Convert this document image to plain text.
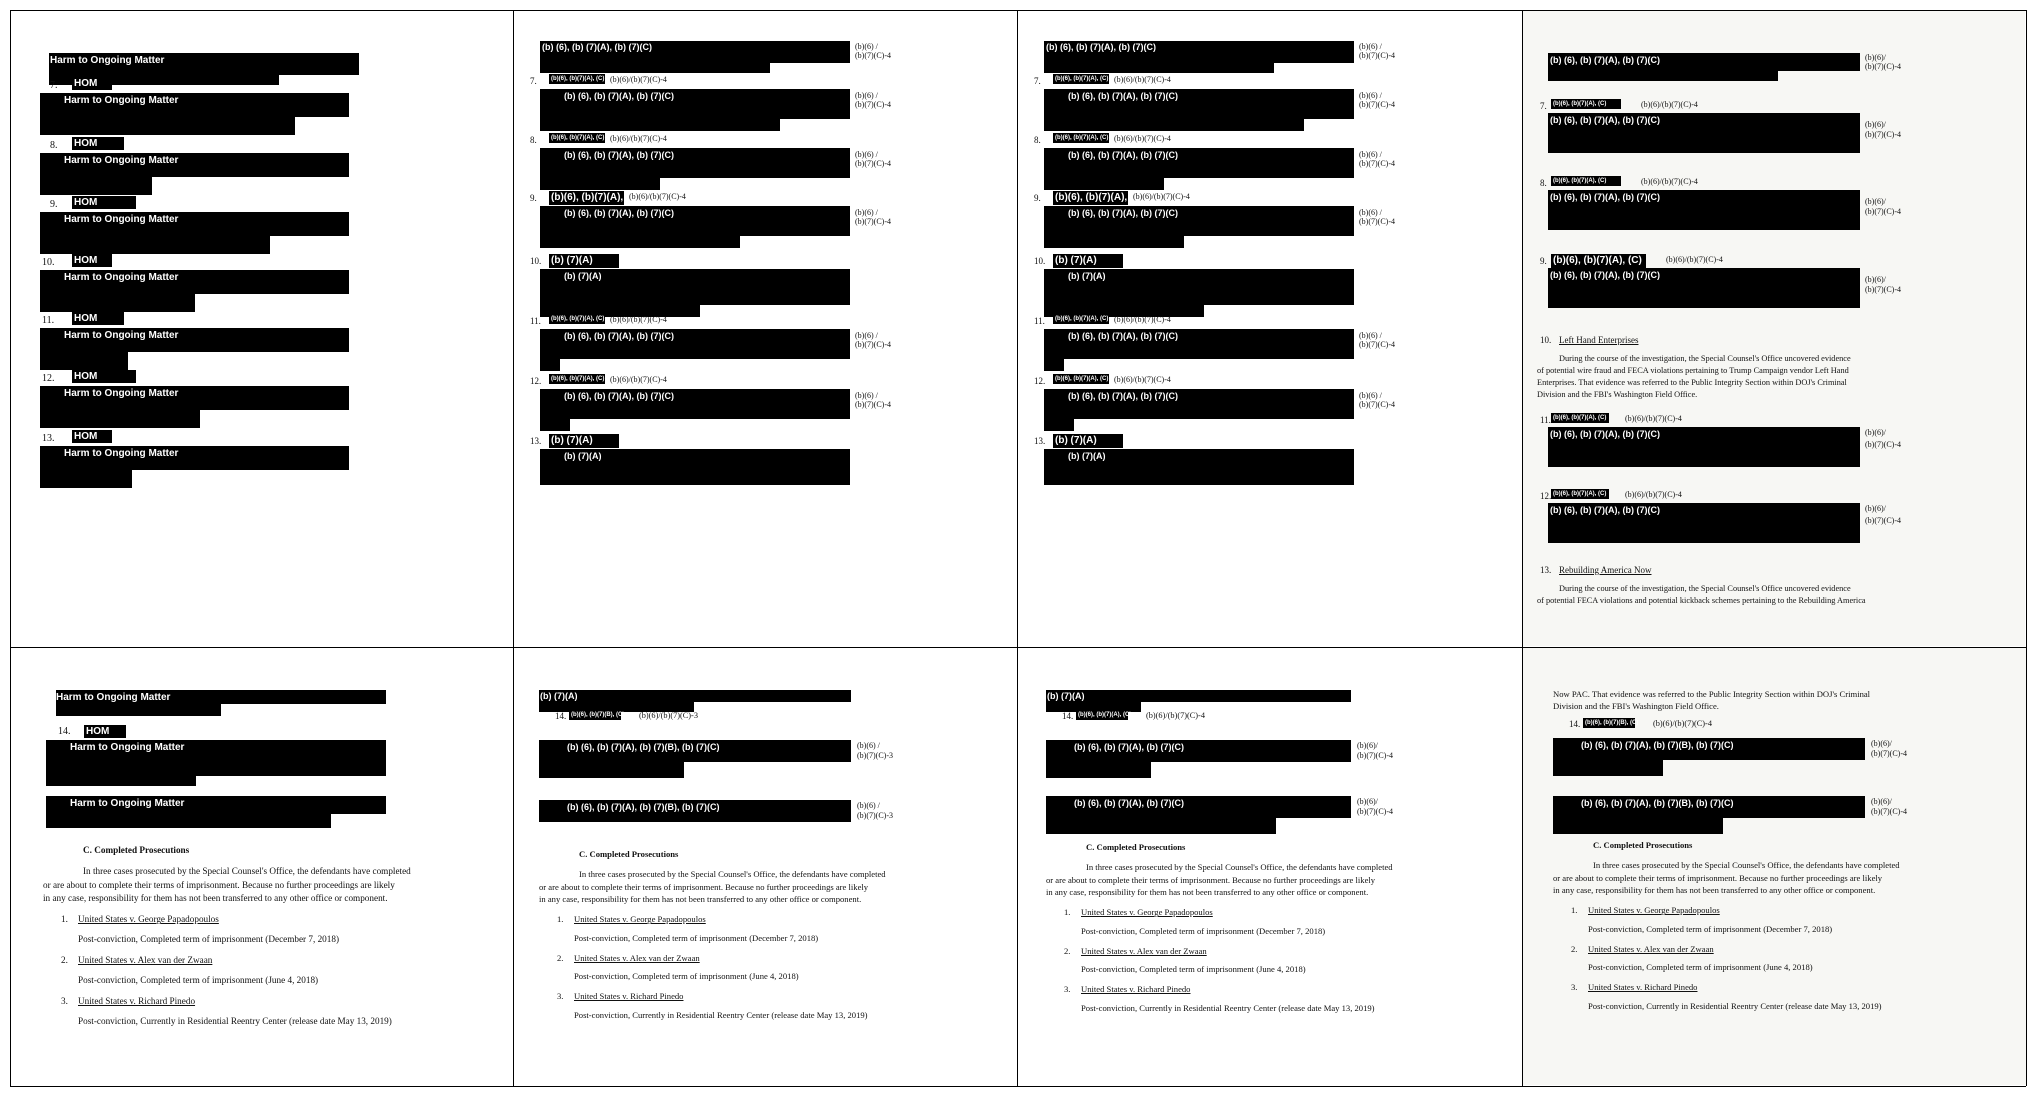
Harm to Ongoing Matter
7. HOM
Harm to Ongoing Matter
8. HOM
Harm to Ongoing Matter
9. HOM
Harm to Ongoing Matter
10. HOM
Harm to Ongoing Matter
11. HOM
Harm to Ongoing Matter
12. HOM
Harm to Ongoing Matter
13. HOM
Harm to Ongoing Matter
(b) (6), (b) (7)(A), (b) (7)(C)	(b)(6) /
(b)(7)(C)-4
7. (b)(6), (b)(7)(A), (C) (b)(6)/(b)(7)(C)-4
(b) (6), (b) (7)(A), (b) (7)(C)	(b)(6) /
(b)(7)(C)-4
8. (b)(6), (b)(7)(A), (C) (b)(6)/(b)(7)(C)-4
(b) (6), (b) (7)(A), (b) (7)(C)	(b)(6) /
(b)(7)(C)-4
9. (b)(6), (b)(7)(A), (C)
(b)(6)/(b)(7)(C)-4
(b) (6), (b) (7)(A), (b) (7)(C)	(b)(6) /
(b)(7)(C)-4
10. (b) (7)(A)
(b) (7)(A)
11. (b)(6), (b)(7)(A), (C) (b)(6)/(b)(7)(C)-4
(b) (6), (b) (7)(A), (b) (7)(C)	(b)(6) /
(b)(7)(C)-4
12. (b)(6), (b)(7)(A), (C) (b)(6)/(b)(7)(C)-4
(b) (6), (b) (7)(A), (b) (7)(C)	(b)(6) /
(b)(7)(C)-4
13. (b) (7)(A)
(b) (7)(A)
(b) (6), (b) (7)(A), (b) (7)(C)	(b)(6) /
(b)(7)(C)-4
7. (b)(6), (b)(7)(A), (C) (b)(6)/(b)(7)(C)-4
(b) (6), (b) (7)(A), (b) (7)(C)	(b)(6) /
(b)(7)(C)-4
8. (b)(6), (b)(7)(A), (C) (b)(6)/(b)(7)(C)-4
(b) (6), (b) (7)(A), (b) (7)(C)	(b)(6) /
(b)(7)(C)-4
9. (b)(6), (b)(7)(A), (C)
(b)(6)/(b)(7)(C)-4
(b) (6), (b) (7)(A), (b) (7)(C)	(b)(6) /
(b)(7)(C)-4
10. (b) (7)(A)
(b) (7)(A)
11. (b)(6), (b)(7)(A), (C) (b)(6)/(b)(7)(C)-4
(b) (6), (b) (7)(A), (b) (7)(C)	(b)(6) /
(b)(7)(C)-4
12. (b)(6), (b)(7)(A), (C) (b)(6)/(b)(7)(C)-4
(b) (6), (b) (7)(A), (b) (7)(C)	(b)(6) /
(b)(7)(C)-4
13. (b) (7)(A)
(b) (7)(A)
(b) (6), (b) (7)(A), (b) (7)(C)	(b)(6)/
(b)(7)(C)-4
7. (b)(6), (b)(7)(A), (C)	(b)(6)/(b)(7)(C)-4
(b) (6), (b) (7)(A), (b) (7)(C)	(b)(6)/
(b)(7)(C)-4
8. (b)(6), (b)(7)(A), (C)	(b)(6)/(b)(7)(C)-4
(b) (6), (b) (7)(A), (b) (7)(C)	(b)(6)/
(b)(7)(C)-4
9. (b)(6), (b)(7)(A), (C)	(b)(6)/(b)(7)(C)-4
(b) (6), (b) (7)(A), (b) (7)(C)	(b)(6)/
(b)(7)(C)-4
10. Left Hand Enterprises
During the course of the investigation, the Special Counsel's Office uncovered evidence
of potential wire fraud and FECA violations pertaining to Trump Campaign vendor Left Hand
Enterprises. That evidence was referred to the Public Integrity Section within DOJ's Criminal
Division and the FBI's Washington Field Office.
11. (b)(6), (b)(7)(A), (C) (b)(6)/(b)(7)(C)-4
(b) (6), (b) (7)(A), (b) (7)(C)	(b)(6)/
(b)(7)(C)-4
12. (b)(6), (b)(7)(A), (C) (b)(6)/(b)(7)(C)-4
(b) (6), (b) (7)(A), (b) (7)(C)	(b)(6)/
(b)(7)(C)-4
13. Rebuilding America Now
During the course of the investigation, the Special Counsel's Office uncovered evidence
of potential FECA violations and potential kickback schemes pertaining to the Rebuilding America
Harm to Ongoing Matter
14. HOM
Harm to Ongoing Matter
Harm to Ongoing Matter
C. Completed Prosecutions
In three cases prosecuted by the Special Counsel's Office, the defendants have completed
or are about to complete their terms of imprisonment. Because no further proceedings are likely
in any case, responsibility for them has not been transferred to any other office or component.
1. United States v. George Papadopoulos
Post-conviction, Completed term of imprisonment (December 7, 2018)
2. United States v. Alex van der Zwaan
Post-conviction, Completed term of imprisonment (June 4, 2018)
3. United States v. Richard Pinedo
Post-conviction, Currently in Residential Reentry Center (release date May 13, 2019)
(b) (7)(A)
14. (b)(6), (b)(7)(B), (C) (b)(6)/(b)(7)(C)-3
(b) (6), (b) (7)(A), (b) (7)(B), (b) (7)(C)	(b)(6) /
(b)(7)(C)-3
(b) (6), (b) (7)(A), (b) (7)(B), (b) (7)(C)	(b)(6) /
(b)(7)(C)-3
C. Completed Prosecutions
In three cases prosecuted by the Special Counsel's Office, the defendants have completed
or are about to complete their terms of imprisonment. Because no further proceedings are likely
in any case, responsibility for them has not been transferred to any other office or component.
1. United States v. George Papadopoulos
Post-conviction, Completed term of imprisonment (December 7, 2018)
2. United States v. Alex van der Zwaan
Post-conviction, Completed term of imprisonment (June 4, 2018)
3. United States v. Richard Pinedo
Post-conviction, Currently in Residential Reentry Center (release date May 13, 2019)
(b) (7)(A)
14. (b)(6), (b)(7)(A), (C) (b)(6)/(b)(7)(C)-4
(b) (6), (b) (7)(A), (b) (7)(C)	(b)(6)/
(b)(7)(C)-4
(b) (6), (b) (7)(A), (b) (7)(C)	(b)(6)/
(b)(7)(C)-4
C. Completed Prosecutions
In three cases prosecuted by the Special Counsel's Office, the defendants have completed
or are about to complete their terms of imprisonment. Because no further proceedings are likely
in any case, responsibility for them has not been transferred to any other office or component.
1. United States v. George Papadopoulos
Post-conviction, Completed term of imprisonment (December 7, 2018)
2. United States v. Alex van der Zwaan
Post-conviction, Completed term of imprisonment (June 4, 2018)
3. United States v. Richard Pinedo
Post-conviction, Currently in Residential Reentry Center (release date May 13, 2019)
Now PAC. That evidence was referred to the Public Integrity Section within DOJ's Criminal
Division and the FBI's Washington Field Office.
14. (b)(6), (b)(7)(B), (C) (b)(6)/(b)(7)(C)-4
(b) (6), (b) (7)(A), (b) (7)(B), (b) (7)(C)	(b)(6)/
(b)(7)(C)-4
(b) (6), (b) (7)(A), (b) (7)(B), (b) (7)(C)	(b)(6)/
(b)(7)(C)-4
C. Completed Prosecutions
In three cases prosecuted by the Special Counsel's Office, the defendants have completed
or are about to complete their terms of imprisonment. Because no further proceedings are likely
in any case, responsibility for them has not been transferred to any other office or component.
1. United States v. George Papadopoulos
Post-conviction, Completed term of imprisonment (December 7, 2018)
2. United States v. Alex van der Zwaan
Post-conviction, Completed term of imprisonment (June 4, 2018)
3. United States v. Richard Pinedo
Post-conviction, Currently in Residential Reentry Center (release date May 13, 2019)
